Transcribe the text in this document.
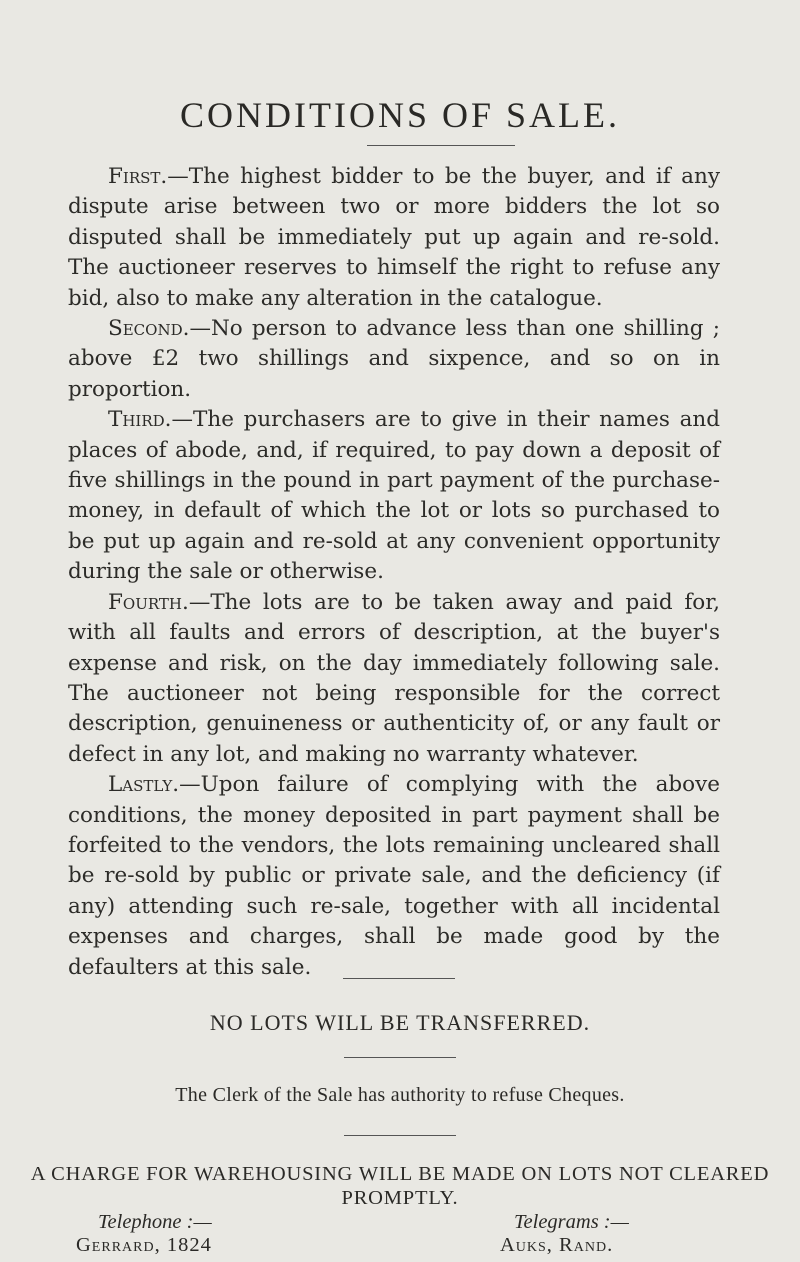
CONDITIONS OF SALE.

First.—The highest bidder to be the buyer, and if any dispute arise between two or more bidders the lot so disputed shall be immediately put up again and re-sold. The auctioneer reserves to himself the right to refuse any bid, also to make any alteration in the catalogue.

Second.—No person to advance less than one shilling ; above £2 two shillings and sixpence, and so on in proportion.

Third.—The purchasers are to give in their names and places of abode, and, if required, to pay down a deposit of five shillings in the pound in part payment of the purchase-money, in default of which the lot or lots so purchased to be put up again and re-sold at any convenient opportunity during the sale or otherwise.

Fourth.—The lots are to be taken away and paid for, with all faults and errors of description, at the buyer's expense and risk, on the day immediately following sale. The auctioneer not being responsible for the correct description, genuineness or authenticity of, or any fault or defect in any lot, and making no warranty whatever.

Lastly.—Upon failure of complying with the above conditions, the money deposited in part payment shall be forfeited to the vendors, the lots remaining uncleared shall be re-sold by public or private sale, and the deficiency (if any) attending such re-sale, together with all incidental expenses and charges, shall be made good by the defaulters at this sale.

NO LOTS WILL BE TRANSFERRED.

The Clerk of the Sale has authority to refuse Cheques.

A CHARGE FOR WAREHOUSING WILL BE MADE ON LOTS NOT CLEARED PROMPTLY.

Telephone :—
Gerrard, 1824
Telegrams :—
Auks, Rand.
